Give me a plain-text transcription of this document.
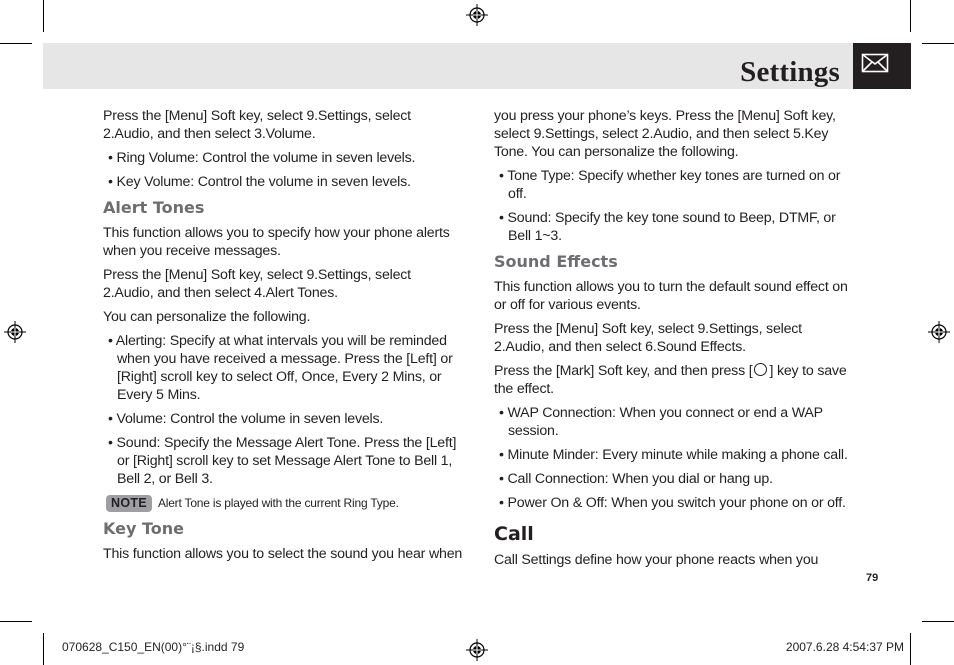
Settings

Press the [Menu] Soft key, select 9.Settings, select 2.Audio, and then select 3.Volume.

• Ring Volume: Control the volume in seven levels.
• Key Volume: Control the volume in seven levels.
Alert Tones

This function allows you to specify how your phone alerts when you receive messages.

Press the [Menu] Soft key, select 9.Settings, select 2.Audio, and then select 4.Alert Tones.

You can personalize the following.

• Alerting: Specify at what intervals you will be reminded when you have received a message. Press the [Left] or [Right] scroll key to select Off, Once, Every 2 Mins, or Every 5 Mins.
• Volume: Control the volume in seven levels.
• Sound: Specify the Message Alert Tone. Press the [Left] or [Right] scroll key to set Message Alert Tone to Bell 1, Bell 2, or Bell 3.
NOTE Alert Tone is played with the current Ring Type.
Key Tone

This function allows you to select the sound you hear when

you press your phone’s keys. Press the [Menu] Soft key, select 9.Settings, select 2.Audio, and then select 5.Key Tone. You can personalize the following.

• Tone Type: Specify whether key tones are turned on or off.
• Sound: Specify the key tone sound to Beep, DTMF, or Bell 1~3.
Sound Effects

This function allows you to turn the default sound effect on or off for various events.

Press the [Menu] Soft key, select 9.Settings, select 2.Audio, and then select 6.Sound Effects.

Press the [Mark] Soft key, and then press [ ] key to save the effect.

• WAP Connection: When you connect or end a WAP session.
• Minute Minder: Every minute while making a phone call.
• Call Connection: When you dial or hang up.
• Power On & Off: When you switch your phone on or off.
Call

Call Settings define how your phone reacts when you

79
070628_C150_EN(00)°¨¡§.indd 79	2007.6.28 4:54:37 PM
